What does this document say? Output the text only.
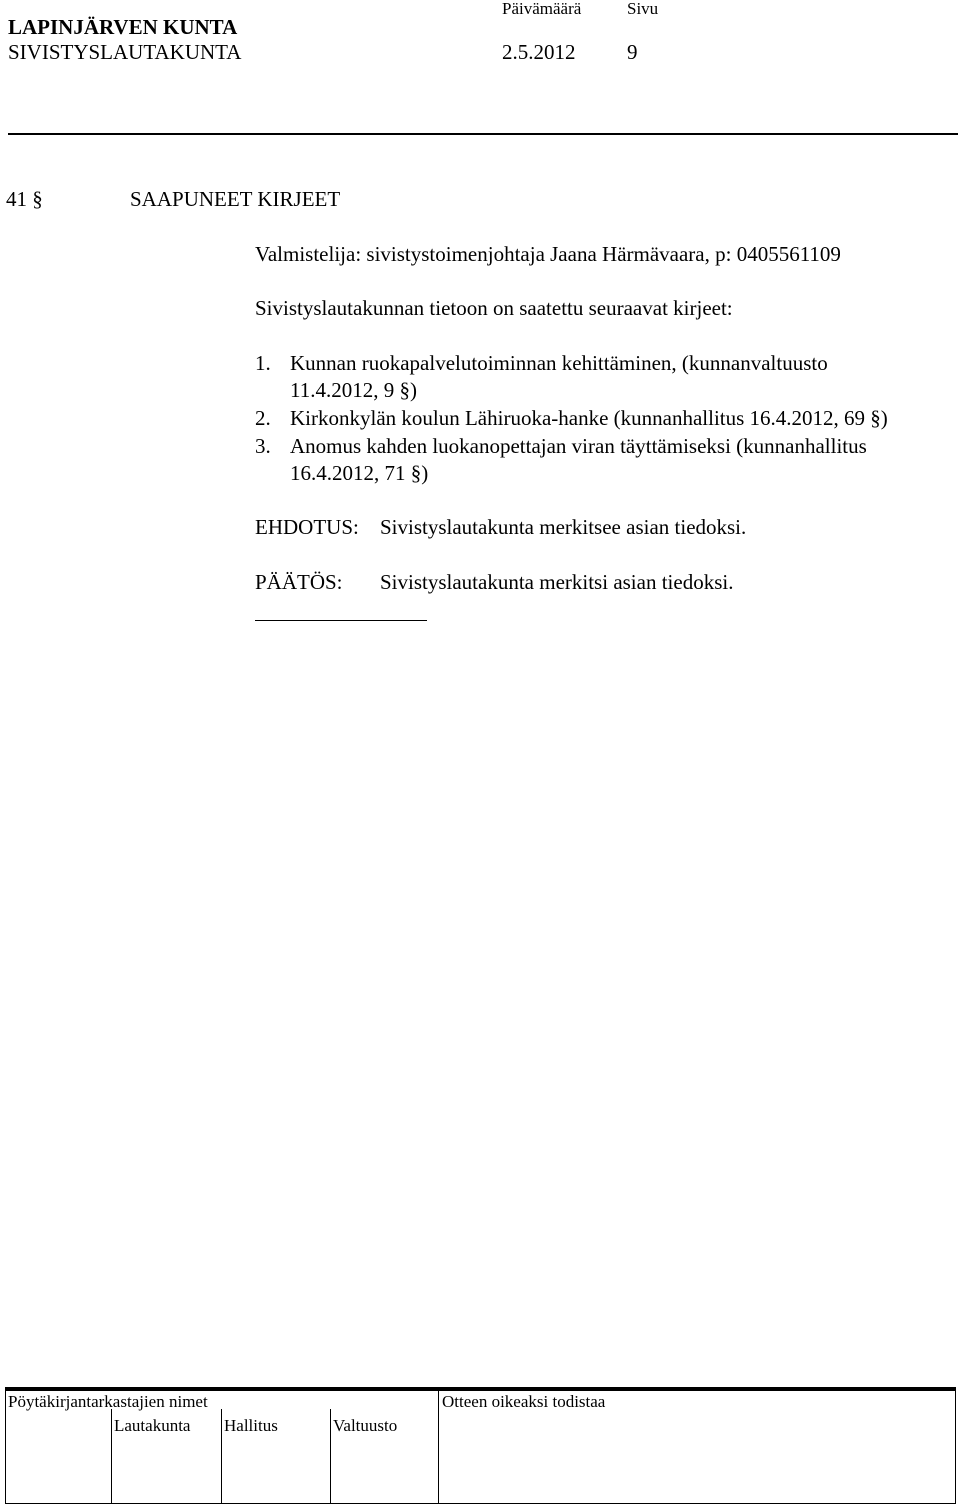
LAPINJÄRVEN KUNTA
SIVISTYSLAUTAKUNTA
Päivämäärä
2.5.2012
Sivu
9
41 §	SAAPUNEET KIRJEET
Valmistelija: sivistystoimenjohtaja Jaana Härmävaara, p: 0405561109
Sivistyslautakunnan tietoon on saatettu seuraavat kirjeet:
1. Kunnan ruokapalvelutoiminnan kehittäminen, (kunnanvaltuusto
11.4.2012, 9 §)
2. Kirkonkylän koulun Lähiruoka-hanke (kunnanhallitus 16.4.2012, 69 §)
3. Anomus kahden luokanopettajan viran täyttämiseksi (kunnanhallitus
16.4.2012, 71 §)
EHDOTUS: Sivistyslautakunta merkitsee asian tiedoksi.
PÄÄTÖS: Sivistyslautakunta merkitsi asian tiedoksi.
Pöytäkirjantarkastajien nimet	Otteen oikeaksi todistaa
Lautakunta Hallitus	Valtuusto
